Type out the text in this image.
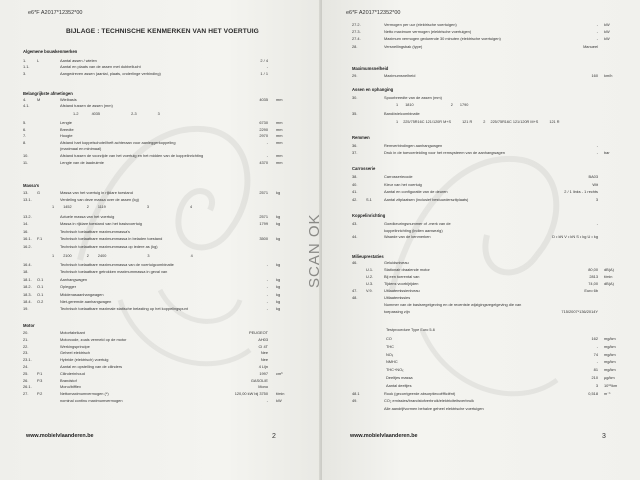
e6*F A2017*12352*00
BIJLAGE : TECHNISCHE KENMERKEN VAN HET VOERTUIG
Algemene bouwkenmerken
1.	L	Aantal assen / wielen	2 / 4
1.1.	Aantal en plaats van de assen met dubbellucht	-
3.	Aangedreven assen (aantal, plaats, onderlinge verbinding)	1 / 1
Belangrijkste afmetingen
4.	M	Wielbasis	4035 mm
4.1.	Afstand tussen de assen (mm)
1-2	4035	2-3	3
5.	Lengte	6730 mm
6.	Breedte	2290 mm
7.	Hoogte	2970 mm
8.	Afstand hart koppelschotel/heft achteraan voor aanleggerkoppeling	- mm
(maximaal en minimaal)
10.	Afstand tussen de voorzijde van het voertuig en het midden van de koppelinrichting	- mm
11.	Lengte van de laadruimte	4370 mm
Massa's
13. G	Massa van het voertuig in rijklare toestand	2571 kg
13.1.	Verdeling van deze massa over de assen (kg)
1 1452	2 1119	3	4
13.2.	Actuele massa van het voertuig	2571 kg
14.	Massa in rijklare toestand van het basisvoertuig	1799 kg
16.	Technisch toelaatbare maximummassa's
16.1. F.1	Technisch toelaatbare maximummassa in beladen toestand	3500 kg
16.2.	Technisch toelaatbare maximummassa op iedere as (kg)
1 2100	2 2400	3	4
16.4.	Technisch toelaatbare maximummassa van de voertuigcombinatie	- kg
18.	Technisch toelaatbare getrokken maximummassa in geval van
18.1. O.1	Aanhangwagen	- kg
18.2. O.1	Oplegger	- kg
18.3. O.1	Middenasaanhangwagen	- kg
18.4. O.2	Niet-geremde aanhangwagen	- kg
19.	Technisch toelaatbare maximale statische belasting op het koppelingspunt	- kg
Motor
20.	Motorfabrikant	PEUGEOT
21.	Motorcode, zoals vermeld op de motor	AH03
22.	Werkingsprincipe	CI 4T
23.	Geheel elektrisch	Nee
23.1.	Hybride (elektrisch) voertuig	Nee
24.	Aantal en opstelling van de cilinders	4 Lijn
25. P.1	Cilinderinhoud	1997 cm³
26. P.3	Brandstof	GASOLIE
26.1.	Mono/bifflex	Mono
27. P.2	Nettomaximumvermogen (*)	120,00 kW bij 3750 t/min
nominal continu maximumvermogen	- kW
www.mobielvlaanderen.be	2
e6*F A2017*12352*00
27.2.	Vermogen per uur (elektrische voertuigen)	- kW
27.3.	Netto maximum vermogen (elektrische voertuigen)	- kW
27.4.	Maximum vermogen gedurende 30 minuten (elektrische voertuigen)	- kW
28.	Versnellingsbak (type)	Manueel
Maximumsnelheid
29.	Maximumsnelheid	160 km/h
Assen en ophanging
30.	Spoorbreedte van de assen (mm)
1 1810	2 1790
35.	Band/wielcombinatie
1 225/75R16C 121/120R M+S	121 R	2 225/75R16C 121/120R M+S	121 R
Remmen
36.	Remverbindingen aanhangwagen	-
37.	Druk in de toevoerleiding voor het remsysteem van de aanhangwagen	- bar
Carrosserie
38.	Carrosseriecode	BA03
40.	Kleur van het voertuig	Wit
41.	Aantal en configuratie van de deuren	2 / 1 links - 1 rechts
42. S.1	Aantal zitplaatsen (inclusief bestuurderszitplaats)	3
Koppelinrichting
43.	Goedkeuringsnummer of -merk van de	-
koppelinrichting (indien aanwezig)
44.	Waarde van de kenmerken	D • kN V • kN S • kg U • kg
Milieuprestaties
46.	Geluidsniveau
U.1.	Stationair draaiende motor	80,00 dB(A)
U.2.	Bij een toerental van	2813 t/min
U.3.	Tijdens voorbijrijden	74,00 dB(A)
47. V.9.	Uitlaatemissieniveau	Euro 6b
48.	Uitlaatemissies
Nummer van de basisregelgeving en de recentste wijzigingsregelgeving die van
toepassing zijn	715/2007*136/2014Y
Testprocedure Type Euro 5-6
CO	162 mg/km
THC	- mg/km
NOₓ	74 mg/km
NMHC	- mg/km
THC+NOₓ	81 mg/km
Deeltjes massa	210 µg/km
Aantal deeltjes	3 10¹¹/km
48.1	Rook (gecorrigeerde absorptiecoëfficiënt)	0,518 m⁻¹
49.	CO₂ emissies/brandstofverbruik/elektriciteitsverbruik
Alle aandrijfvormen behalve geheel elektrische voertuigen
www.mobielvlaanderen.be	3
SCAN OK
